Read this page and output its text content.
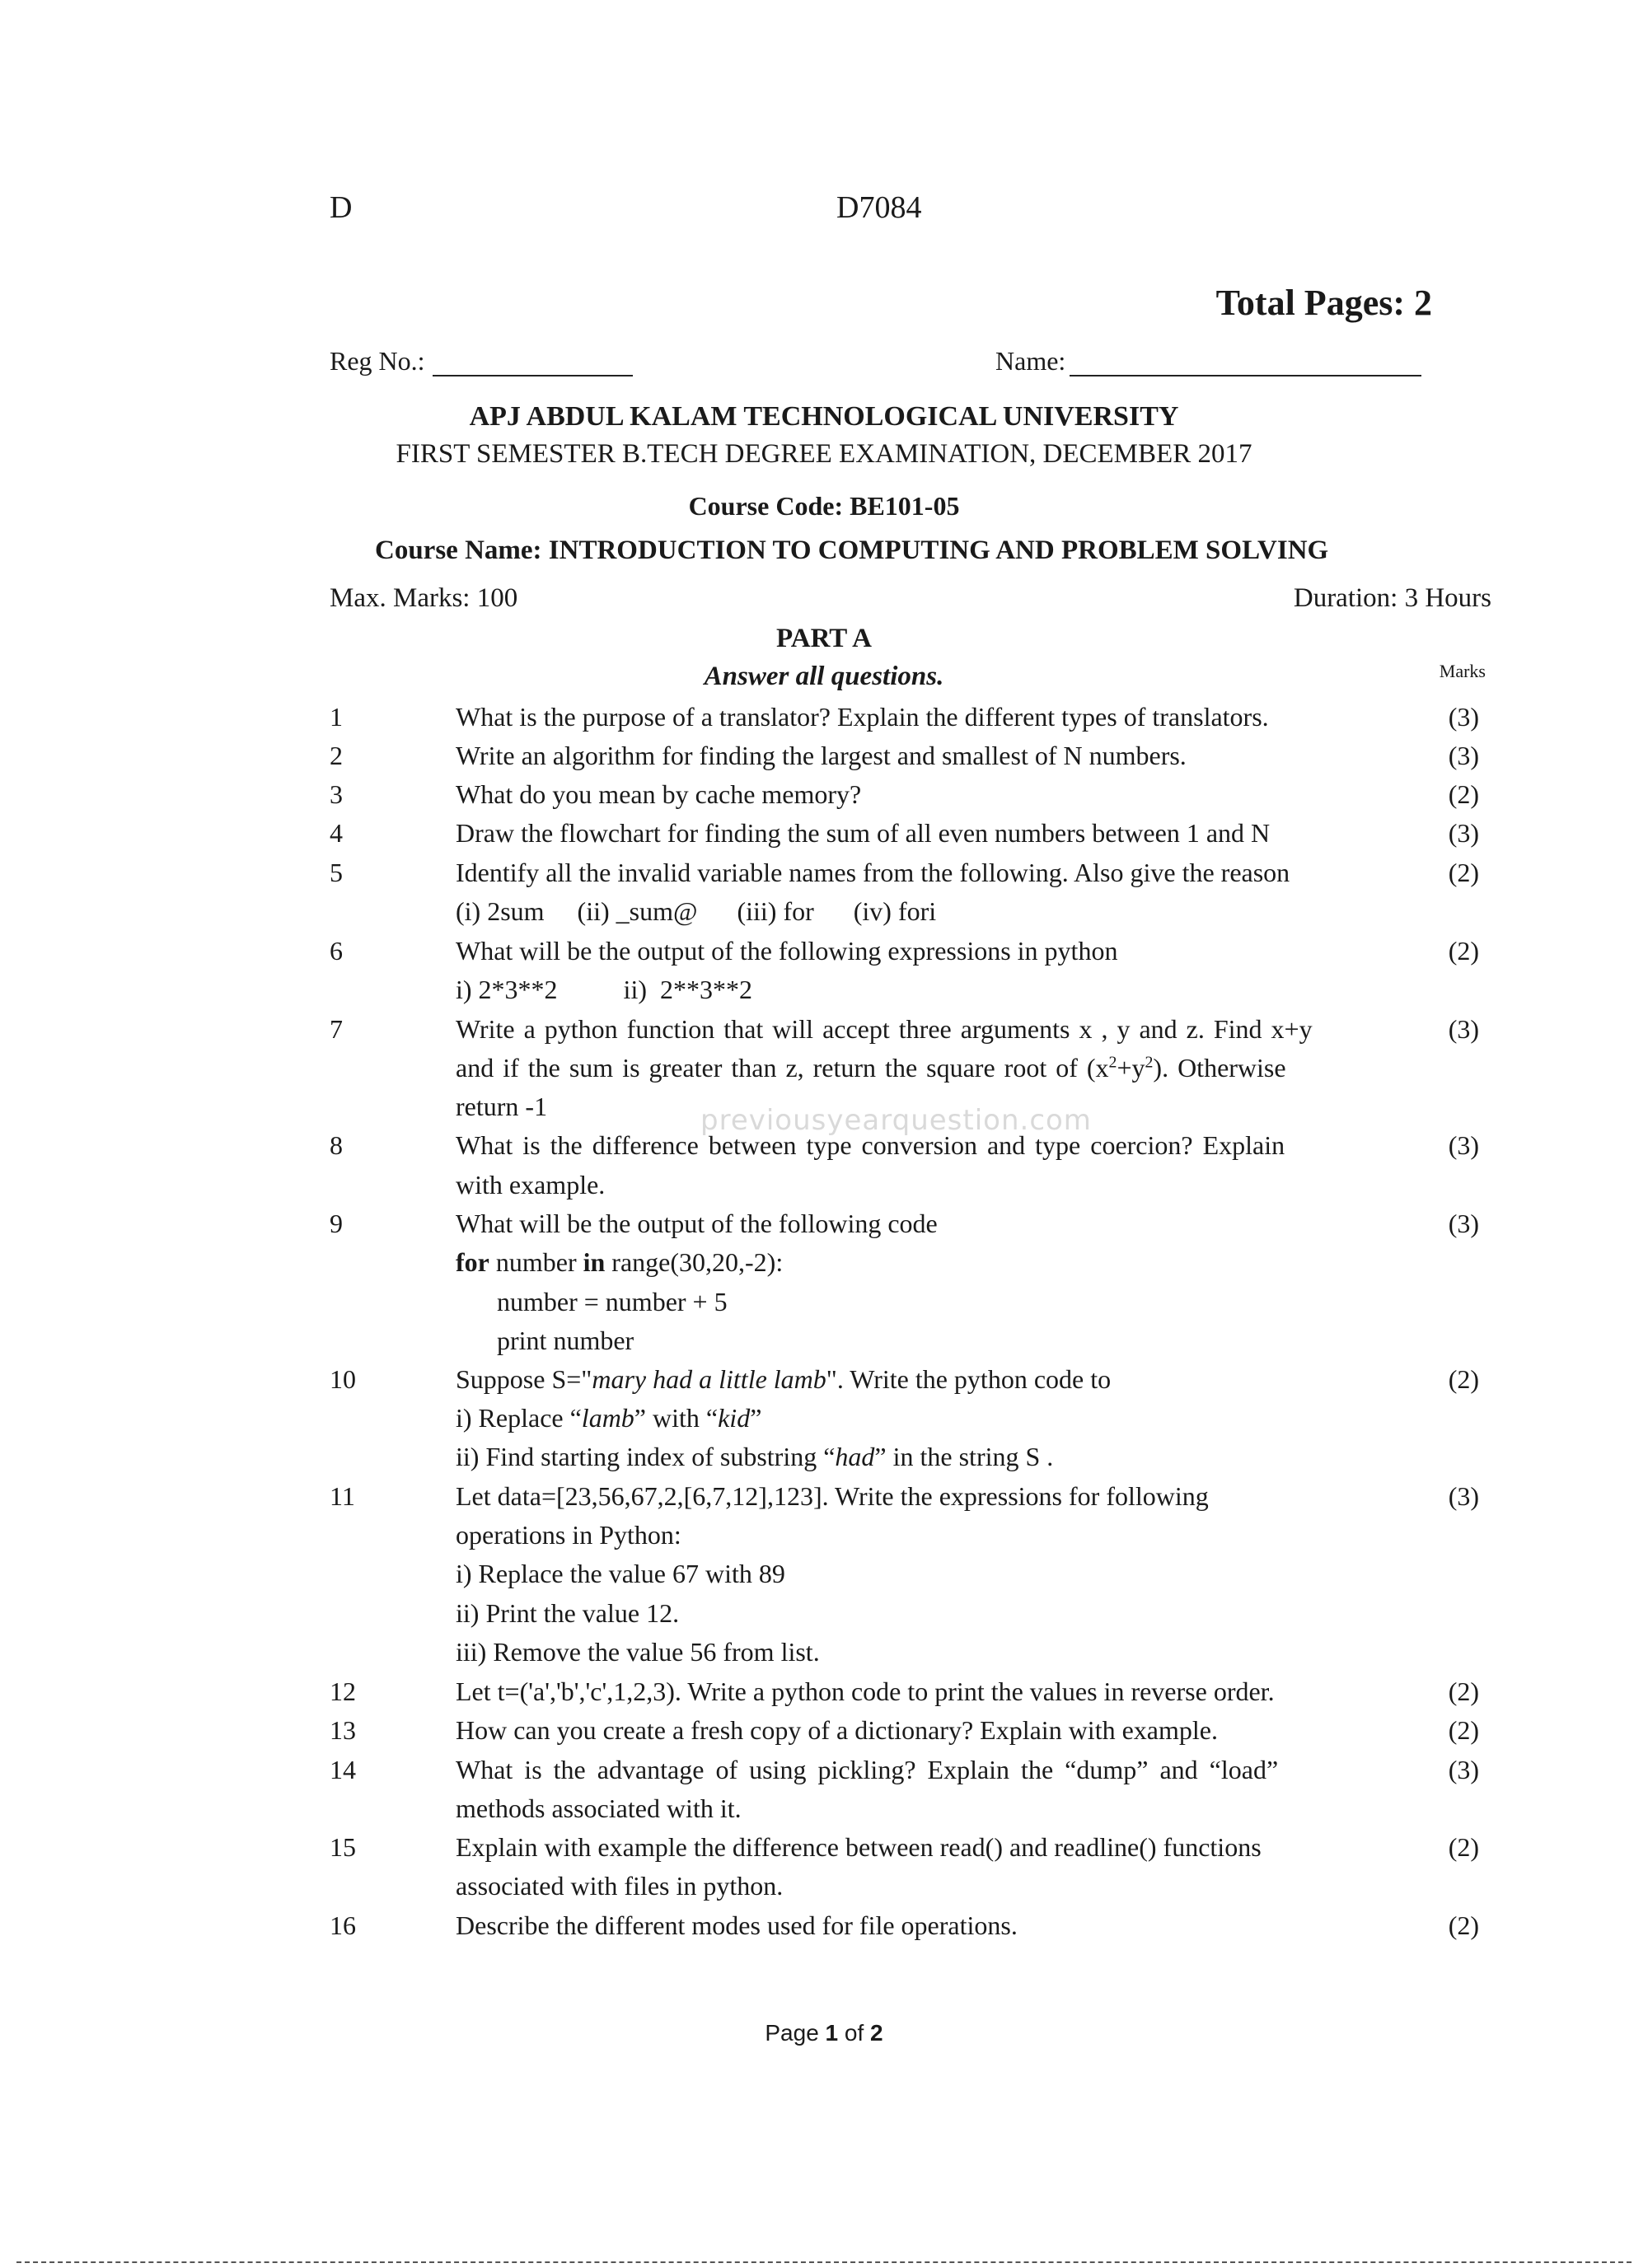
D	D7084
Total Pages: 2
Reg No.:	Name:
APJ ABDUL KALAM TECHNOLOGICAL UNIVERSITY
FIRST SEMESTER B.TECH DEGREE EXAMINATION, DECEMBER 2017
Course Code: BE101-05
Course Name: INTRODUCTION TO COMPUTING AND PROBLEM SOLVING
Max. Marks: 100	Duration: 3 Hours
PART A
Answer all questions.	Marks
1	What is the purpose of a translator? Explain the different types of translators.	(3)
2	Write an algorithm for finding the largest and smallest of N numbers.	(3)
3	What do you mean by cache memory?	(2)
4	Draw the flowchart for finding the sum of all even numbers between 1 and N	(3)
5	Identify all the invalid variable names from the following. Also give the reason	(2)
(i) 2sum     (ii) _sum@      (iii) for      (iv) fori
6	What will be the output of the following expressions in python	(2)
i) 2*3**2          ii)  2**3**2
7	Write a python function that will accept three arguments x , y and z. Find x+y	(3)
and if the sum is greater than z, return the square root of $(x^2+y^2)$. Otherwise
return -1
8	What is the difference between type conversion and type coercion? Explain	(3)
with example.
previousyearquestion.com
9	What will be the output of the following code	(3)
for number in range(30,20,-2):
number = number + 5
print number
10	Suppose S="mary had a little lamb". Write the python code to	(2)
i) Replace “lamb” with “kid”
ii) Find starting index of substring “had” in the string S .
11	Let data=[23,56,67,2,[6,7,12],123]. Write the expressions for following	(3)
operations in Python:
i) Replace the value 67 with 89
ii) Print the value 12.
iii) Remove the value 56 from list.
12	Let t=('a','b','c',1,2,3). Write a python code to print the values in reverse order.	(2)
13	How can you create a fresh copy of a dictionary? Explain with example.	(2)
14	What is the advantage of using pickling? Explain the “dump” and “load”	(3)
methods associated with it.
15	Explain with example the difference between read() and readline() functions	(2)
associated with files in python.
16	Describe the different modes used for file operations.	(2)
Page 1 of 2
